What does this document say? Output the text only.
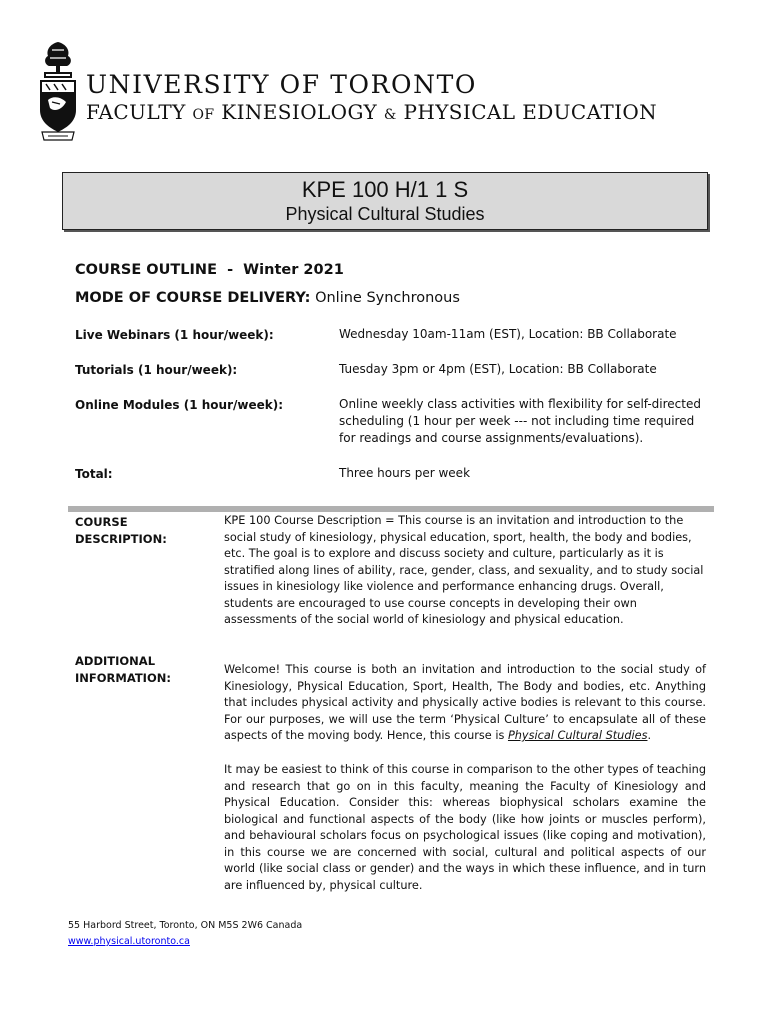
UNIVERSITY OF TORONTO
FACULTY OF KINESIOLOGY & PHYSICAL EDUCATION
KPE 100 H/1 1 S
Physical Cultural Studies
COURSE OUTLINE  -  Winter 2021
MODE OF COURSE DELIVERY: Online Synchronous
Live Webinars (1 hour/week):	Wednesday 10am-11am (EST), Location: BB Collaborate
Tutorials (1 hour/week):	Tuesday 3pm or 4pm (EST), Location: BB Collaborate
Online Modules (1 hour/week):	Online weekly class activities with flexibility for self-directed scheduling (1 hour per week --- not including time required for readings and course assignments/evaluations).
Total:	Three hours per week
COURSE DESCRIPTION:
KPE 100 Course Description = This course is an invitation and introduction to the social study of kinesiology, physical education, sport, health, the body and bodies, etc. The goal is to explore and discuss society and culture, particularly as it is stratified along lines of ability, race, gender, class, and sexuality, and to study social issues in kinesiology like violence and performance enhancing drugs. Overall, students are encouraged to use course concepts in developing their own assessments of the social world of kinesiology and physical education.
ADDITIONAL INFORMATION:
Welcome! This course is both an invitation and introduction to the social study of Kinesiology, Physical Education, Sport, Health, The Body and bodies, etc. Anything that includes physical activity and physically active bodies is relevant to this course. For our purposes, we will use the term ‘Physical Culture’ to encapsulate all of these aspects of the moving body. Hence, this course is Physical Cultural Studies.
It may be easiest to think of this course in comparison to the other types of teaching and research that go on in this faculty, meaning the Faculty of Kinesiology and Physical Education. Consider this: whereas biophysical scholars examine the biological and functional aspects of the body (like how joints or muscles perform), and behavioural scholars focus on psychological issues (like coping and motivation), in this course we are concerned with social, cultural and political aspects of our world (like social class or gender) and the ways in which these influence, and in turn are influenced by, physical culture.
55 Harbord Street, Toronto, ON M5S 2W6 Canada
www.physical.utoronto.ca
